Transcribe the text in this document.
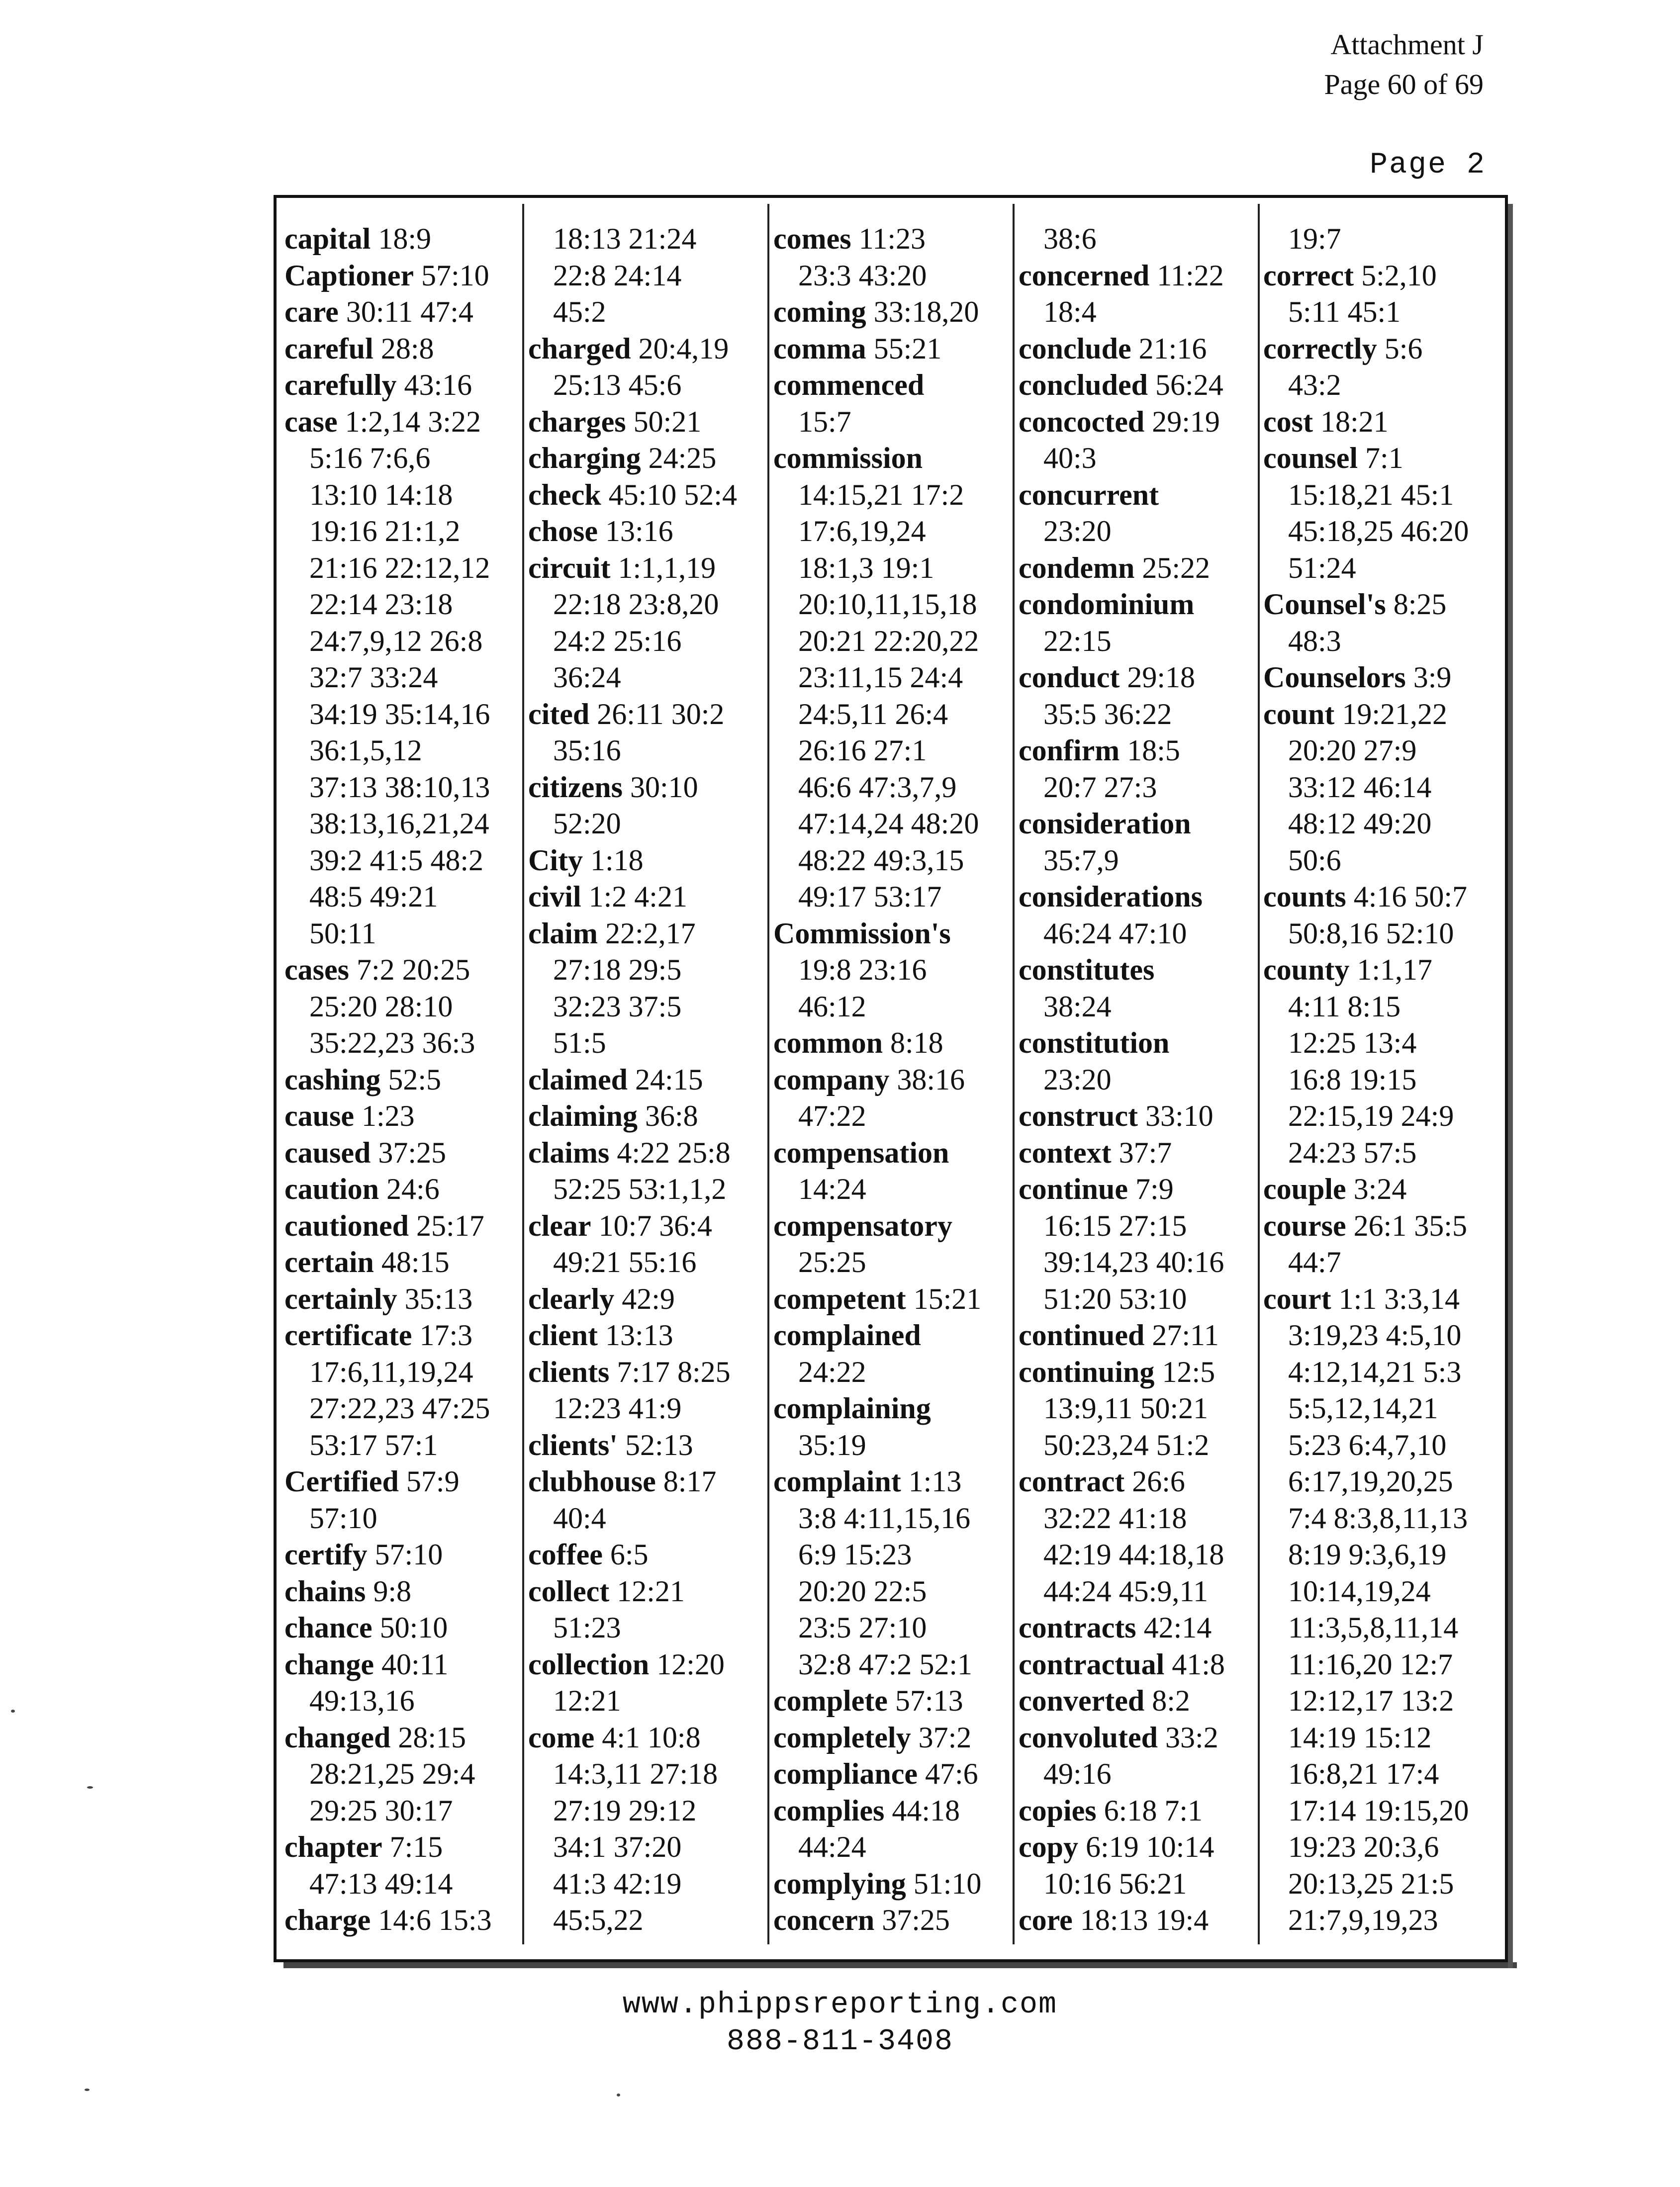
Attachment J
Page 60 of 69
Page 2
capital 18:9
Captioner 57:10
care 30:11 47:4
careful 28:8
carefully 43:16
case 1:2,14 3:22
5:16 7:6,6
13:10 14:18
19:16 21:1,2
21:16 22:12,12
22:14 23:18
24:7,9,12 26:8
32:7 33:24
34:19 35:14,16
36:1,5,12
37:13 38:10,13
38:13,16,21,24
39:2 41:5 48:2
48:5 49:21
50:11
cases 7:2 20:25
25:20 28:10
35:22,23 36:3
cashing 52:5
cause 1:23
caused 37:25
caution 24:6
cautioned 25:17
certain 48:15
certainly 35:13
certificate 17:3
17:6,11,19,24
27:22,23 47:25
53:17 57:1
Certified 57:9
57:10
certify 57:10
chains 9:8
chance 50:10
change 40:11
49:13,16
changed 28:15
28:21,25 29:4
29:25 30:17
chapter 7:15
47:13 49:14
charge 14:6 15:3
18:13 21:24
22:8 24:14
45:2
charged 20:4,19
25:13 45:6
charges 50:21
charging 24:25
check 45:10 52:4
chose 13:16
circuit 1:1,1,19
22:18 23:8,20
24:2 25:16
36:24
cited 26:11 30:2
35:16
citizens 30:10
52:20
City 1:18
civil 1:2 4:21
claim 22:2,17
27:18 29:5
32:23 37:5
51:5
claimed 24:15
claiming 36:8
claims 4:22 25:8
52:25 53:1,1,2
clear 10:7 36:4
49:21 55:16
clearly 42:9
client 13:13
clients 7:17 8:25
12:23 41:9
clients' 52:13
clubhouse 8:17
40:4
coffee 6:5
collect 12:21
51:23
collection 12:20
12:21
come 4:1 10:8
14:3,11 27:18
27:19 29:12
34:1 37:20
41:3 42:19
45:5,22
comes 11:23
23:3 43:20
coming 33:18,20
comma 55:21
commenced
15:7
commission
14:15,21 17:2
17:6,19,24
18:1,3 19:1
20:10,11,15,18
20:21 22:20,22
23:11,15 24:4
24:5,11 26:4
26:16 27:1
46:6 47:3,7,9
47:14,24 48:20
48:22 49:3,15
49:17 53:17
Commission's
19:8 23:16
46:12
common 8:18
company 38:16
47:22
compensation
14:24
compensatory
25:25
competent 15:21
complained
24:22
complaining
35:19
complaint 1:13
3:8 4:11,15,16
6:9 15:23
20:20 22:5
23:5 27:10
32:8 47:2 52:1
complete 57:13
completely 37:2
compliance 47:6
complies 44:18
44:24
complying 51:10
concern 37:25
38:6
concerned 11:22
18:4
conclude 21:16
concluded 56:24
concocted 29:19
40:3
concurrent
23:20
condemn 25:22
condominium
22:15
conduct 29:18
35:5 36:22
confirm 18:5
20:7 27:3
consideration
35:7,9
considerations
46:24 47:10
constitutes
38:24
constitution
23:20
construct 33:10
context 37:7
continue 7:9
16:15 27:15
39:14,23 40:16
51:20 53:10
continued 27:11
continuing 12:5
13:9,11 50:21
50:23,24 51:2
contract 26:6
32:22 41:18
42:19 44:18,18
44:24 45:9,11
contracts 42:14
contractual 41:8
converted 8:2
convoluted 33:2
49:16
copies 6:18 7:1
copy 6:19 10:14
10:16 56:21
core 18:13 19:4
19:7
correct 5:2,10
5:11 45:1
correctly 5:6
43:2
cost 18:21
counsel 7:1
15:18,21 45:1
45:18,25 46:20
51:24
Counsel's 8:25
48:3
Counselors 3:9
count 19:21,22
20:20 27:9
33:12 46:14
48:12 49:20
50:6
counts 4:16 50:7
50:8,16 52:10
county 1:1,17
4:11 8:15
12:25 13:4
16:8 19:15
22:15,19 24:9
24:23 57:5
couple 3:24
course 26:1 35:5
44:7
court 1:1 3:3,14
3:19,23 4:5,10
4:12,14,21 5:3
5:5,12,14,21
5:23 6:4,7,10
6:17,19,20,25
7:4 8:3,8,11,13
8:19 9:3,6,19
10:14,19,24
11:3,5,8,11,14
11:16,20 12:7
12:12,17 13:2
14:19 15:12
16:8,21 17:4
17:14 19:15,20
19:23 20:3,6
20:13,25 21:5
21:7,9,19,23
www.phippsreporting.com
888-811-3408
